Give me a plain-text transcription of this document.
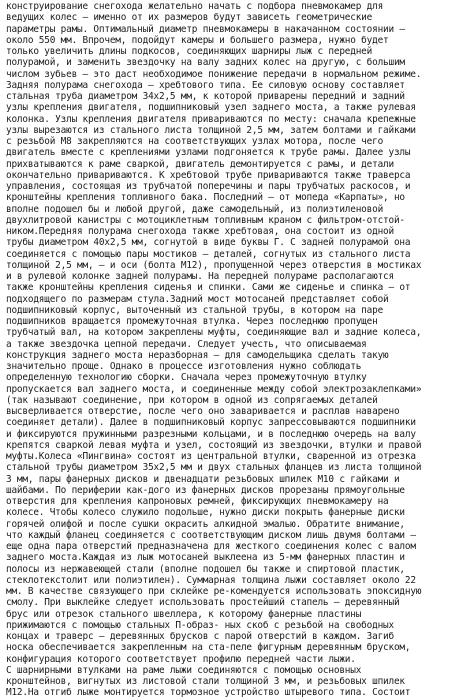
конструирование снегохода желательно начать с подбора пневмокамер для
ведущих колес – именно от их размеров будут зависеть геометрические
параметры рамы. Оптимальный диаметр пневмокамеры в накачанном состоянии –
около 550 мм. Впрочем, подойдут камеры и большего размера, нужно будет
только увеличить длины подкосов, соединяющих шарниры лыж с передней
полурамой, и заменить звездочку на валу задних колес на другую, с большим
числом зубьев – это даст необходимое понижение передачи в нормальном режиме.
Задняя полурама снегохода – хребтового типа. Ее силовую основу составляет
стальная труба диаметром 34х2,5 мм, к которой приварены передний и задний
узлы крепления двигателя, подшипниковый узел заднего моста, а также рулевая
колонка. Узлы крепления двигателя привариваются по месту: сначала крепежные
узлы вырезаются из стального листа толщиной 2,5 мм, затем болтами и гайками
с резьбой М8 закрепляются на соответствующих узлах мотора, после чего
двигатель вместе с креплениями узлами подгоняется к трубе рамы. Далее узлы
прихватываются к раме сваркой, двигатель демонтируется с рамы, и детали
окончательно привариваются. К хребтовой трубе привариваются также траверса
управления, состоящая из трубчатой поперечины и пары трубчатых раскосов, и
кронштейны крепления топливного бака. Последний – от мопеда «Карпаты», но
вполне подошел бы и любой другой, даже самодельный, из полиэтиленовой
двухлитровой канистры с мотоциклетным топливным краном с фильтром-отстой-
ником.Передняя полурама снегохода также хребтовая, она состоит из одной
трубы диаметром 40х2,5 мм, согнутой в виде буквы Г. С задней полурамой она
соединяется с помощью пары мостиков – деталей, согнутых из стального листа
толщиной 2,5 мм, – и оси (болта М12), пропущенной через отверстия в мостиках
и в рулевой колонке задней полурамы. На передней полураме располагаются
также кронштейны крепления сиденья и спинки. Сами же сиденье и спинка – от
подходящего по размерам стула.Задний мост мотосаней представляет собой
подшипниковый корпус, выточенный из стальной трубы, в котором на паре
подшипников вращается промежуточная втулка. Через последнюю пропущен
трубчатый вал, на котором закреплены муфты, соединяющие вал и задние колеса,
а также звездочка цепной передачи. Следует учесть, что описываемая
конструкция заднего моста неразборная – для самодельщика сделать такую
значительно проще. Однако в процессе изготовления нужно соблюдать
определенную технологию сборки. Сначала через промежуточную втулку
пропускается вал заднего моста, и соединенные между собой электрозаклепками»
(так называют соединение, при котором в одной из сопрягаемых деталей
высверливается отверстие, после чего оно заваривается и расплав наварено
соединяет детали). Далее в подшипниковый корпус запрессовываются подшипники
и фиксируются пружинными разрезными кольцами, и в последнюю очередь на валу
крепятся сваркой левая муфта и узел, состоящий из звездочки, втулки и правой
муфты.Колеса «Пингвина» состоят из центральной втулки, сваренной из отрезка
стальной трубы диаметром 35х2,5 мм и двух стальных фланцев из листа толщиной
3 мм, пары фанерных дисков и двенадцати резьбовых шпилек М10 с гайками и
шайбами. По периферии как-дого из фанерных дисков прорезаны прямоугольные
отверстия для крепления капроновых ремней, фиксирующих пневмокамеру на
колесе. Чтобы колесо служило подольше, нужно диски покрыть фанерные диски
горячей олифой и после сушки окрасить алкидной эмалью. Обратите внимание,
что каждый фланец соединяется с соответствующим диском лишь двумя болтами –
еще одна пара отверстий предназначена для жесткого соединения колес с валом
заднего моста.Каждая из лыж мотосаней выклеена из 5-мм фанерных пластин и
полосы из нержавеющей стали (вполне подошел бы также и спиртовой пластик,
стеклотекстолит или полиэтилен). Суммарная толщина лыжи составляет около 22
мм. В качестве связующего при склейке ре-комендуется использовать эпоксидную
смолу. При выклейке следует использовать простейший стапель – деревянный
брус или отрезок стального швеллера, к которому фанерные пластины
прижимаются с помощью стальных П-образ- ных скоб с резьбой на свободных
концах и траверс – деревянных брусков с парой отверстий в каждом. Загиб
носка обеспечивается закрепленным на ста-пеле фигурным деревянным бруском,
конфигурация которого соответствует профилю передней части лыжи.
С шарнирными втулками на раме лыжи соединяются с помощью основных
кронштейнов, вигнутых из листовой стали толщиной 3 мм, и резьбовых шпилек
М12.На отгиб лыже монтируется тормозное устройство штыревого типа. Состоит
